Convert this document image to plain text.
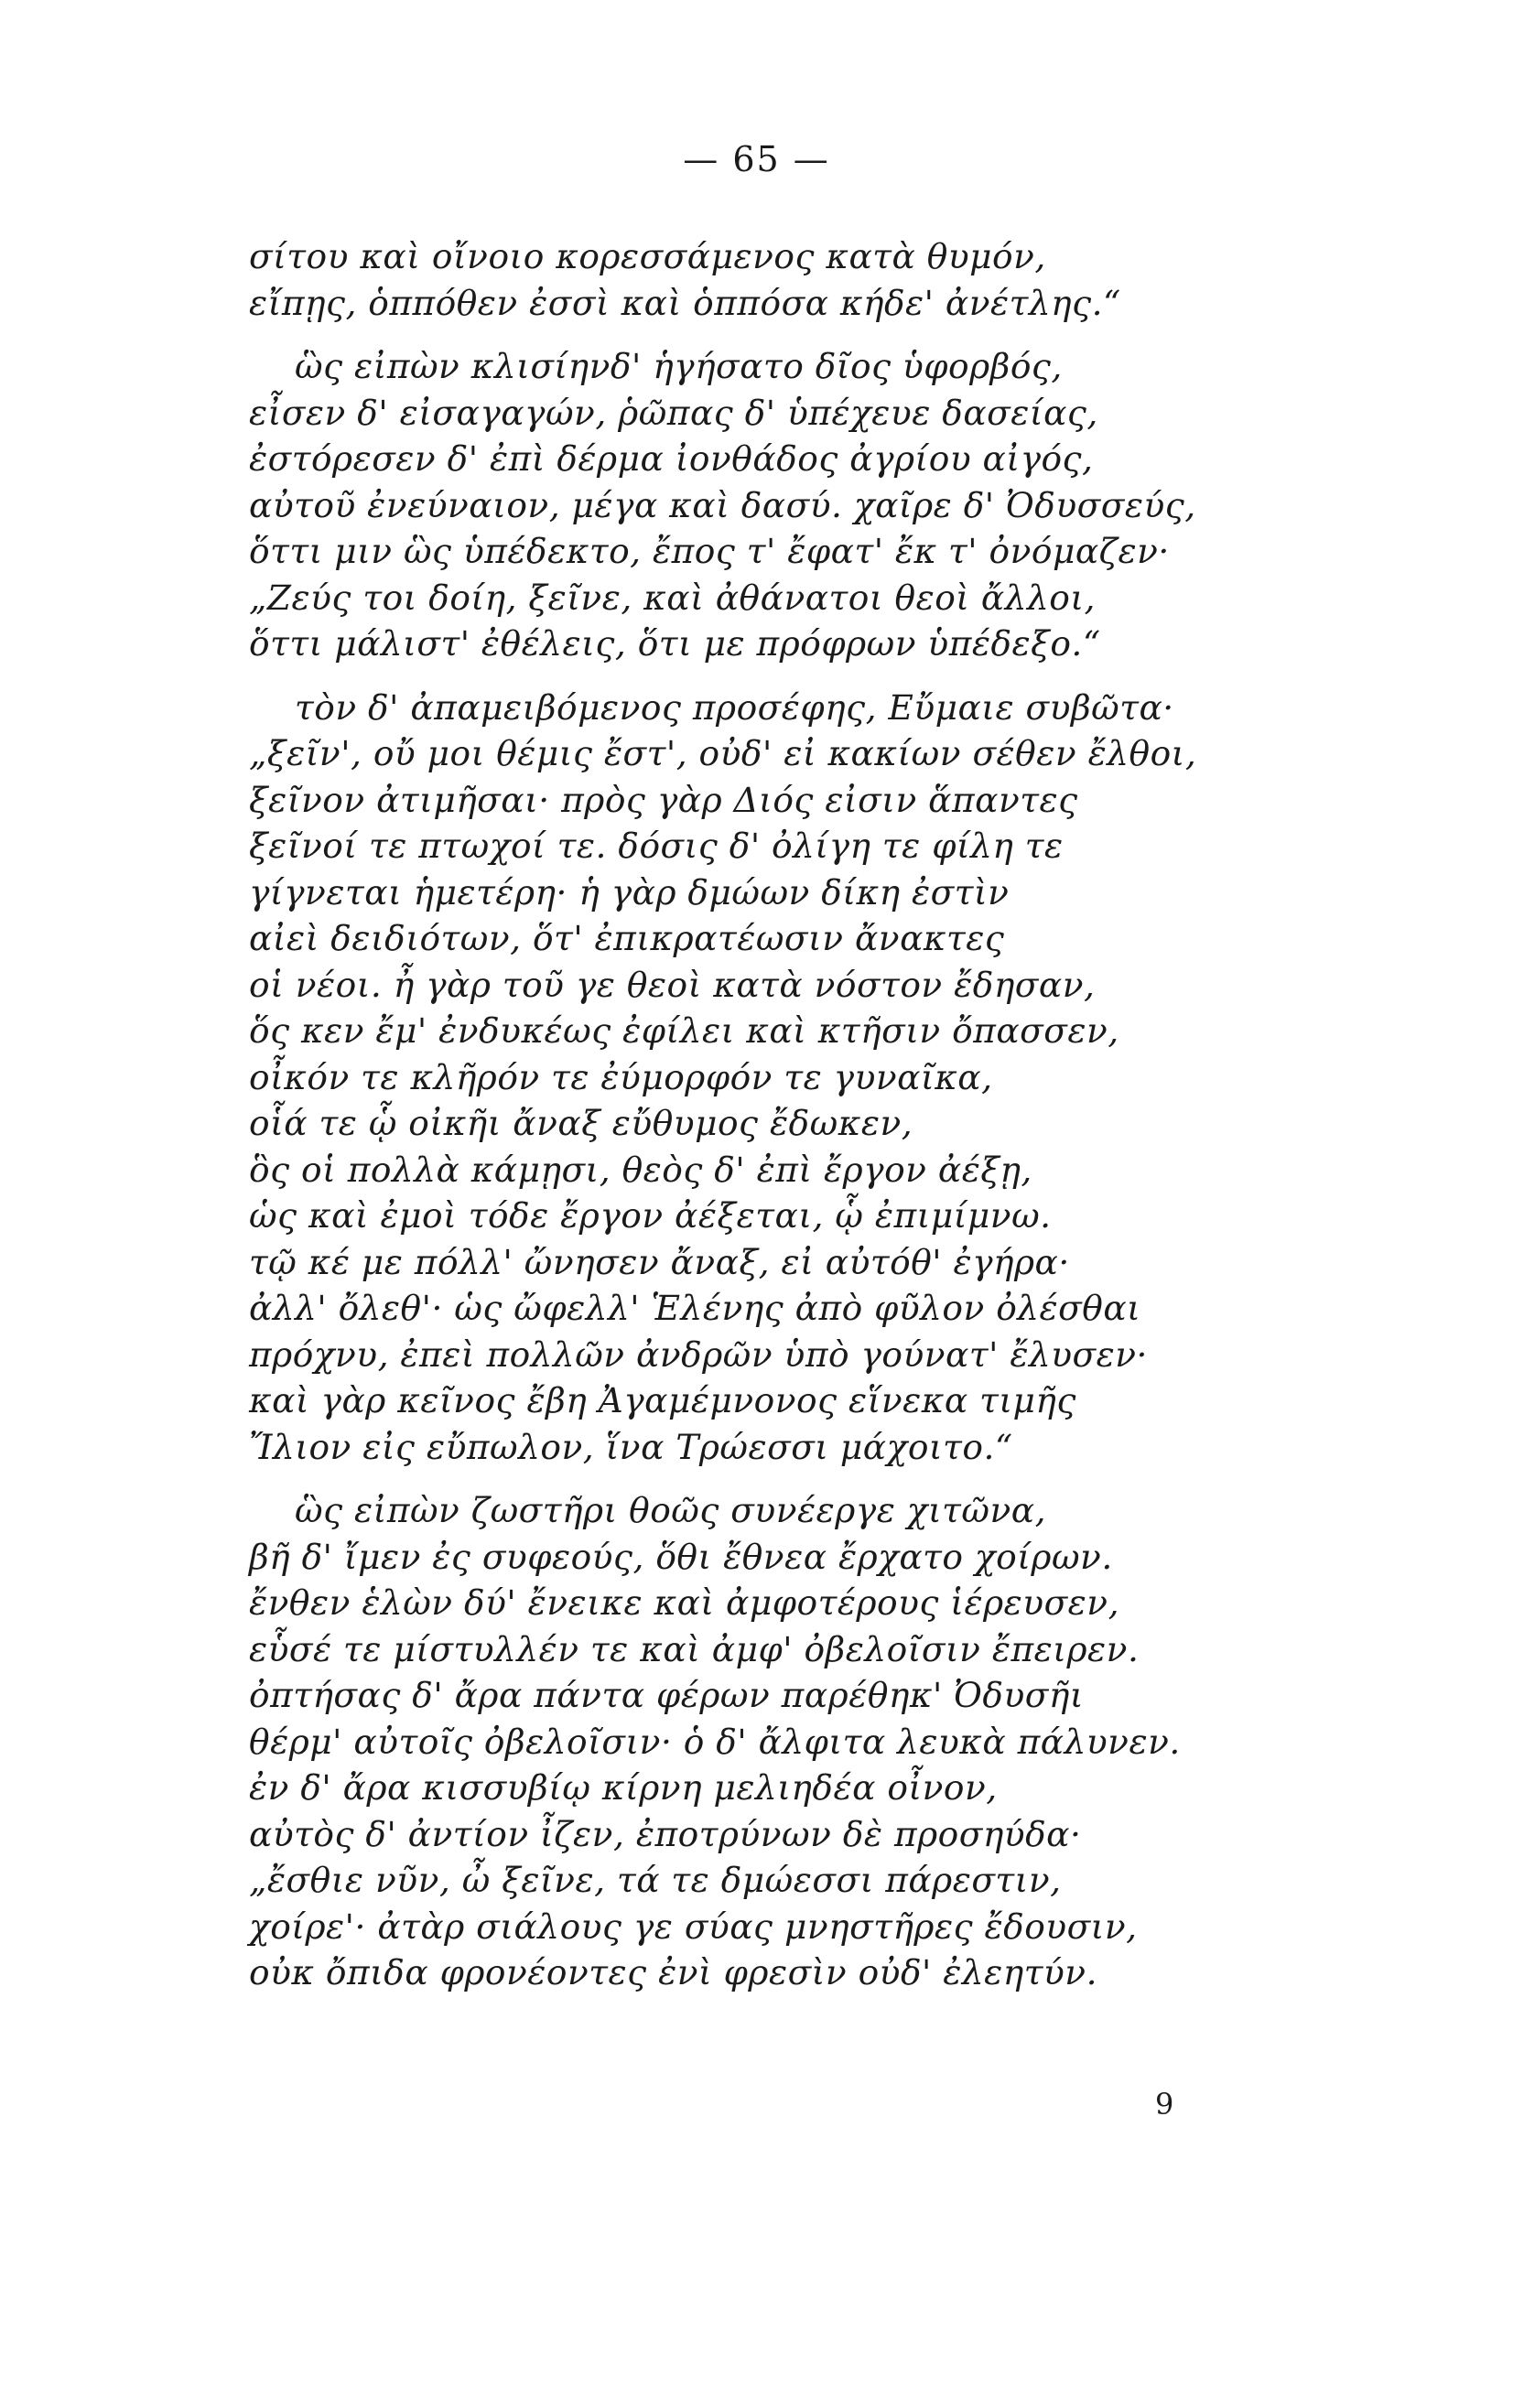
— 65 —
σίτου καὶ οἴνοιο κορεσσάμενος κατὰ θυμόν,
εἴπῃς, ὁππόθεν ἐσσὶ καὶ ὁππόσα κήδε' ἀνέτλης.“
ὣς εἰπὼν κλισίηνδ' ἡγήσατο δῖος ὑφορβός,
εἶσεν δ' εἰσαγαγών, ῥῶπας δ' ὑπέχευε δασείας,
ἐστόρεσεν δ' ἐπὶ δέρμα ἰονθάδος ἀγρίου αἰγός,
αὐτοῦ ἐνεύναιον, μέγα καὶ δασύ. χαῖρε δ' Ὀδυσσεύς,
ὅττι μιν ὣς ὑπέδεκτο, ἔπος τ' ἔφατ' ἔκ τ' ὀνόμαζεν·
„Ζεύς τοι δοίη, ξεῖνε, καὶ ἀθάνατοι θεοὶ ἄλλοι,
ὅττι μάλιστ' ἐθέλεις, ὅτι με πρόφρων ὑπέδεξο.“
τὸν δ' ἀπαμειβόμενος προσέφης, Εὔμαιε συβῶτα·
„ξεῖν', οὔ μοι θέμις ἔστ', οὐδ' εἰ κακίων σέθεν ἔλθοι,
ξεῖνον ἀτιμῆσαι· πρὸς γὰρ Διός εἰσιν ἅπαντες
ξεῖνοί τε πτωχοί τε. δόσις δ' ὀλίγη τε φίλη τε
γίγνεται ἡμετέρη· ἡ γὰρ δμώων δίκη ἐστὶν
αἰεὶ δειδιότων, ὅτ' ἐπικρατέωσιν ἄνακτες
οἱ νέοι. ἦ γὰρ τοῦ γε θεοὶ κατὰ νόστον ἔδησαν,
ὅς κεν ἔμ' ἐνδυκέως ἐφίλει καὶ κτῆσιν ὄπασσεν,
οἶκόν τε κλῆρόν τε ἐύμορφόν τε γυναῖκα,
οἷά τε ᾧ οἰκῆι ἄναξ εὔθυμος ἔδωκεν,
ὃς οἱ πολλὰ κάμῃσι, θεὸς δ' ἐπὶ ἔργον ἀέξῃ,
ὡς καὶ ἐμοὶ τόδε ἔργον ἀέξεται, ᾧ ἐπιμίμνω.
τῷ κέ με πόλλ' ὤνησεν ἄναξ, εἰ αὐτόθ' ἐγήρα·
ἀλλ' ὄλεθ'· ὡς ὤφελλ' Ἑλένης ἀπὸ φῦλον ὀλέσθαι
πρόχνυ, ἐπεὶ πολλῶν ἀνδρῶν ὑπὸ γούνατ' ἔλυσεν·
καὶ γὰρ κεῖνος ἔβη Ἀγαμέμνονος εἵνεκα τιμῆς
Ἴλιον εἰς εὔπωλον, ἵνα Τρώεσσι μάχοιτο.“
ὣς εἰπὼν ζωστῆρι θοῶς συνέεργε χιτῶνα,
βῆ δ' ἴμεν ἐς συφεούς, ὅθι ἔθνεα ἔρχατο χοίρων.
ἔνθεν ἑλὼν δύ' ἔνεικε καὶ ἀμφοτέρους ἱέρευσεν,
εὗσέ τε μίστυλλέν τε καὶ ἀμφ' ὀβελοῖσιν ἔπειρεν.
ὀπτήσας δ' ἄρα πάντα φέρων παρέθηκ' Ὀδυσῆι
θέρμ' αὐτοῖς ὀβελοῖσιν· ὁ δ' ἄλφιτα λευκὰ πάλυνεν.
ἐν δ' ἄρα κισσυβίῳ κίρνη μελιηδέα οἶνον,
αὐτὸς δ' ἀντίον ἶζεν, ἐποτρύνων δὲ προσηύδα·
„ἔσθιε νῦν, ὦ ξεῖνε, τά τε δμώεσσι πάρεστιν,
χοίρε'· ἀτὰρ σιάλους γε σύας μνηστῆρες ἔδουσιν,
οὐκ ὄπιδα φρονέοντες ἐνὶ φρεσὶν οὐδ' ἐλεητύν.
9
